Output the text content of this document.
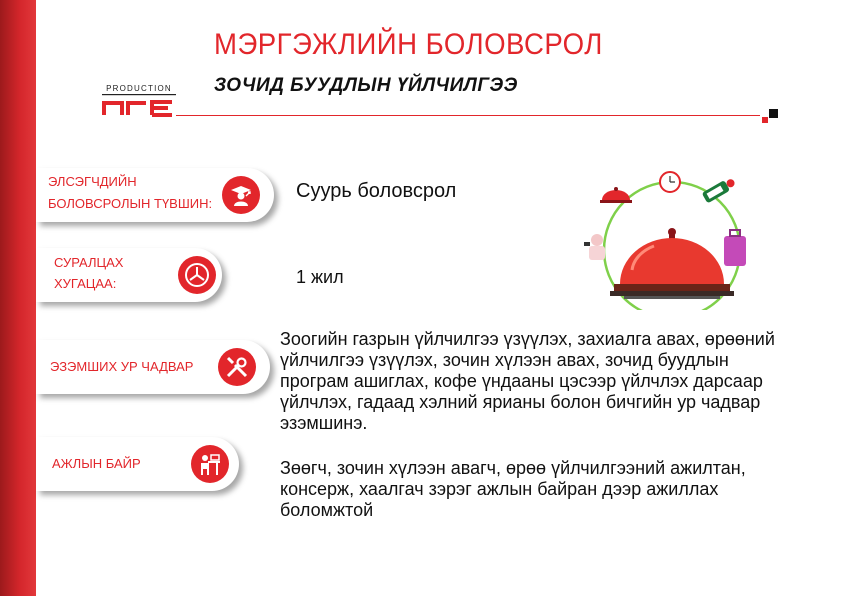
МЭРГЭЖЛИЙН БОЛОВСРОЛ
ЗОЧИД БУУДЛЫН ҮЙЛЧИЛГЭЭ
PRODUCTION
ЭЛСЭГЧДИЙН
БОЛОВСРОЛЫН ТҮВШИН:
Суурь боловсрол
СУРАЛЦАХ
ХУГАЦАА:	1 жил
ЭЗЭМШИХ УР ЧАДВАР
Зоогийн газрын үйлчилгээ үзүүлэх, захиалга авах, өрөөний үйлчилгээ үзүүлэх, зочин хүлээн авах, зочид буудлын програм ашиглах, кофе үндааны цэсээр үйлчлэх дарсаар үйлчлэх, гадаад хэлний ярианы болон бичгийн ур чадвар эзэмшинэ.
АЖЛЫН БАЙР	Зөөгч, зочин хүлээн авагч, өрөө үйлчилгээний ажилтан, консерж, хаалгач зэрэг ажлын байран дээр ажиллах боломжтой
